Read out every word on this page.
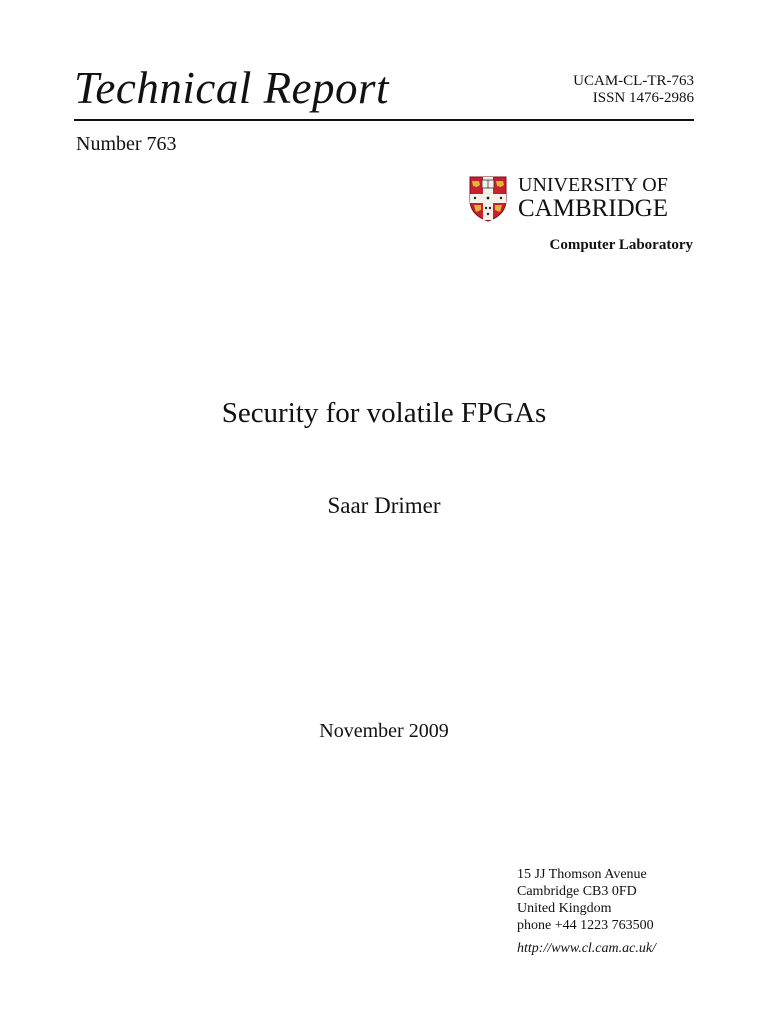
Technical Report	UCAM-CL-TR-763
ISSN 1476-2986
Number 763
UNIVERSITY OF
CAMBRIDGE
Computer Laboratory
Security for volatile FPGAs
Saar Drimer
November 2009
15 JJ Thomson Avenue
Cambridge CB3 0FD
United Kingdom
phone +44 1223 763500
http://www.cl.cam.ac.uk/
